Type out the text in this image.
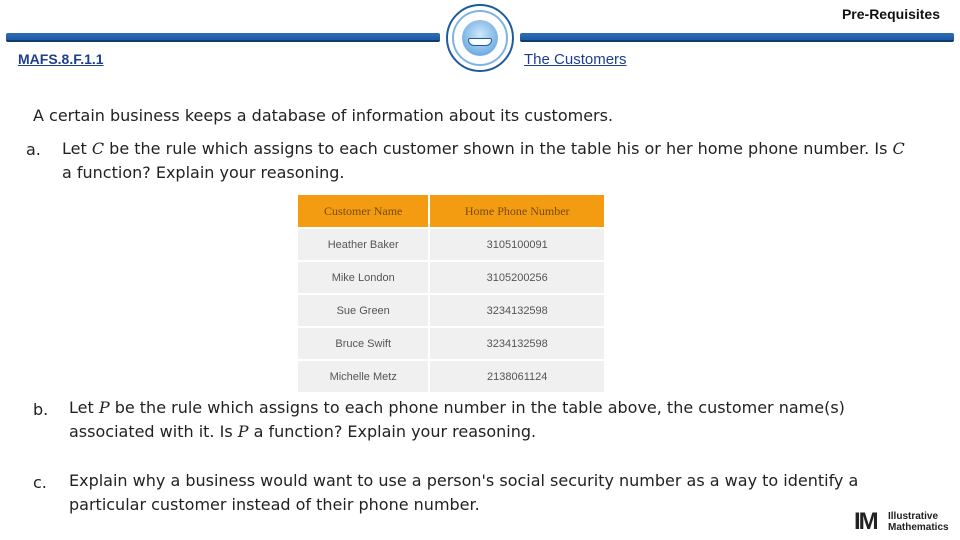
Pre-Requisites
MAFS.8.F.1.1	The Customers
A certain business keeps a database of information about its customers.
a. Let C be the rule which assigns to each customer shown in the table his or her home phone number. Is C
a function? Explain your reasoning.
Customer Name	Home Phone Number
Heather Baker	3105100091
Mike London	3105200256
Sue Green	3234132598
Bruce Swift	3234132598
Michelle Metz	2138061124
b. Let P be the rule which assigns to each phone number in the table above, the customer name(s) associated with it. Is P a function? Explain your reasoning.
c. Explain why a business would want to use a person's social security number as a way to identify a particular customer instead of their phone number.
IM Illustrative
Mathematics
